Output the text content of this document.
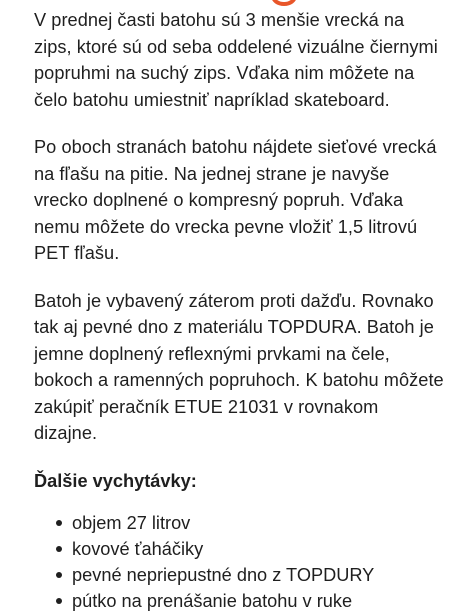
V prednej časti batohu sú 3 menšie vrecká na zips, ktoré sú od seba oddelené vizuálne čiernymi popruhmi na suchý zips. Vďaka nim môžete na čelo batohu umiestniť napríklad skateboard.

Po oboch stranách batohu nájdete sieťové vrecká na fľašu na pitie. Na jednej strane je navyše vrecko doplnené o kompresný popruh. Vďaka nemu môžete do vrecka pevne vložiť 1,5 litrovú PET fľašu.

Batoh je vybavený záterom proti dažďu. Rovnako tak aj pevné dno z materiálu TOPDURA. Batoh je jemne doplnený reflexnými prvkami na čele, bokoch a ramenných popruhoch. K batohu môžete zakúpiť peračník ETUE 21031 v rovnakom dizajne.

Ďalšie vychytávky:
objem 27 litrov
kovové ťaháčiky
pevné nepriepustné dno z TOPDURY
pútko na prenášanie batohu v ruke
